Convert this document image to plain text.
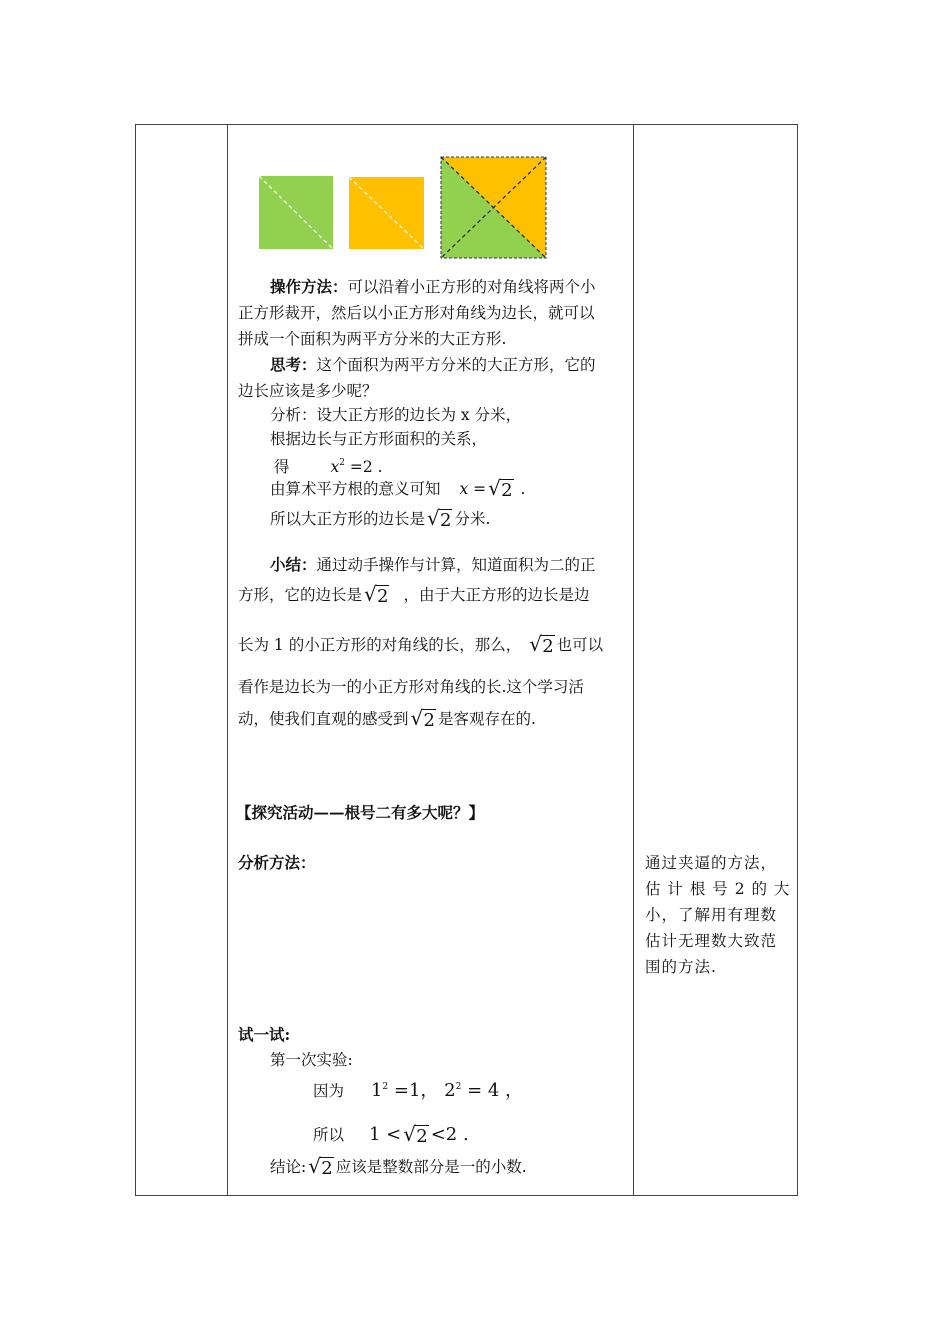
操作方法：可以沿着小正方形的对角线将两个小
正方形裁开，然后以小正方形对角线为边长，就可以
拼成一个面积为两平方分米的大正方形.
思考：这个面积为两平方分米的大正方形，它的
边长应该是多少呢？
分析：设大正方形的边长为 x 分米，
根据边长与正方形面积的关系，
得	$x^2 =2$ .
由算术平方根的意义可知 x = √ 2 .
所以大正方形的边长是 √ 2 分米.
小结：通过动手操作与计算，知道面积为二的正
方形，它的边长是 √ 2 ，由于大正方形的边长是边
长为 1 的小正方形的对角线的长，那么， √ 2 也可以
看作是边长为一的小正方形对角线的长.这个学习活
动，使我们直观的感受到 √ 2 是客观存在的.
【探究活动——根号二有多大呢？】
分析方法：
试一试:
第一次实验:
因为 $1^2 =1$， $2^2 = 4$ ，
所以 1 < √ 2 <2 .
结论: √ 2 应该是整数部分是一的小数.
通过夹逼的方法，
估 计 根 号 2 的 大
小，了解用有理数
估计无理数大致范
围的方法.
